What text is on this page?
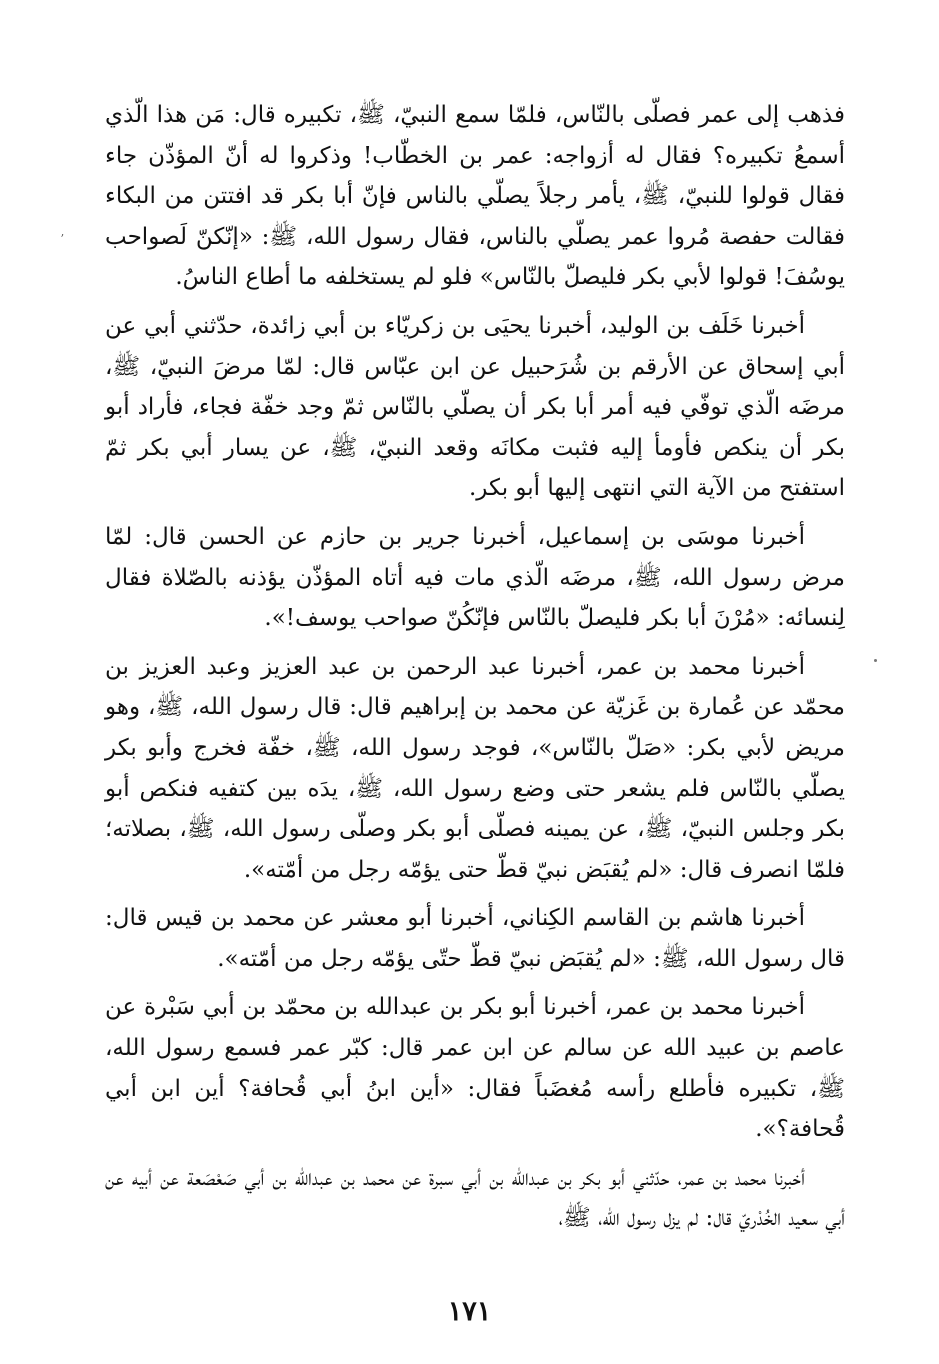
فذهب إلى عمر فصلّى بالنّاس، فلمّا سمع النبيّ، ﷺ، تكبيره قال: مَن هذا الّذي أسمعُ تكبيره؟ فقال له أزواجه: عمر بن الخطّاب! وذكروا له أنّ المؤذّن جاء فقال قولوا للنبيّ، ﷺ، يأمر رجلاً يصلّي بالناس فإنّ أبا بكر قد افتتن من البكاء فقالت حفصة مُروا عمر يصلّي بالناس، فقال رسول الله، ﷺ: «إنّكنّ لَصواحب يوسُفَ! قولوا لأبي بكر فليصلّ بالنّاس» فلو لم يستخلفه ما أطاع الناسُ.

أخبرنا خَلَف بن الوليد، أخبرنا يحيَى بن زكريّاء بن أبي زائدة، حدّثني أبي عن أبي إسحاق عن الأرقم بن شُرَحبيل عن ابن عبّاس قال: لمّا مرضَ النبيّ، ﷺ، مرضَه الّذي توفّي فيه أمر أبا بكر أن يصلّي بالنّاس ثمّ وجد خفّة فجاء، فأراد أبو بكر أن ينكص فأومأ إليه فثبت مكانَه وقعد النبيّ، ﷺ، عن يسار أبي بكر ثمّ استفتح من الآية التي انتهى إليها أبو بكر.

أخبرنا موسَى بن إسماعيل، أخبرنا جرير بن حازم عن الحسن قال: لمّا مرض رسول الله، ﷺ، مرضَه الّذي مات فيه أتاه المؤذّن يؤذنه بالصّلاة فقال لِنسائه: «مُرْنَ أبا بكر فليصلّ بالنّاس فإنّكُنّ صواحب يوسف!».

أخبرنا محمد بن عمر، أخبرنا عبد الرحمن بن عبد العزيز وعبد العزيز بن محمّد عن عُمارة بن غَزيّة عن محمد بن إبراهيم قال: قال رسول الله، ﷺ، وهو مريض لأبي بكر: «صَلّ بالنّاس»، فوجد رسول الله، ﷺ، خفّة فخرج وأبو بكر يصلّي بالنّاس فلم يشعر حتى وضع رسول الله، ﷺ، يدَه بين كتفيه فنكص أبو بكر وجلس النبيّ، ﷺ، عن يمينه فصلّى أبو بكر وصلّى رسول الله، ﷺ، بصلاته؛ فلمّا انصرف قال: «لم يُقبَض نبيّ قطّ حتى يؤمّه رجل من أمّته».

أخبرنا هاشم بن القاسم الكِناني، أخبرنا أبو معشر عن محمد بن قيس قال: قال رسول الله، ﷺ: «لم يُقبَض نبيّ قطّ حتّى يؤمّه رجل من أمّته».

أخبرنا محمد بن عمر، أخبرنا أبو بكر بن عبدالله بن محمّد بن أبي سَبْرة عن عاصم بن عبيد الله عن سالم عن ابن عمر قال: كبّر عمر فسمع رسول الله، ﷺ، تكبيره فأطلع رأسه مُغضَباً فقال: «أين ابنُ أبي قُحافة؟ أين ابن أبي قُحافة؟».

أخبرنا محمد بن عمر، حدّثني أبو بكر بن عبدالله بن أبي سبرة عن محمد بن عبدالله بن أبي صَعْصَعة عن أبيه عن أبي سعيد الخُدْريّ قال: لم يزل رسول الله، ﷺ،

ʼ
١٧١
